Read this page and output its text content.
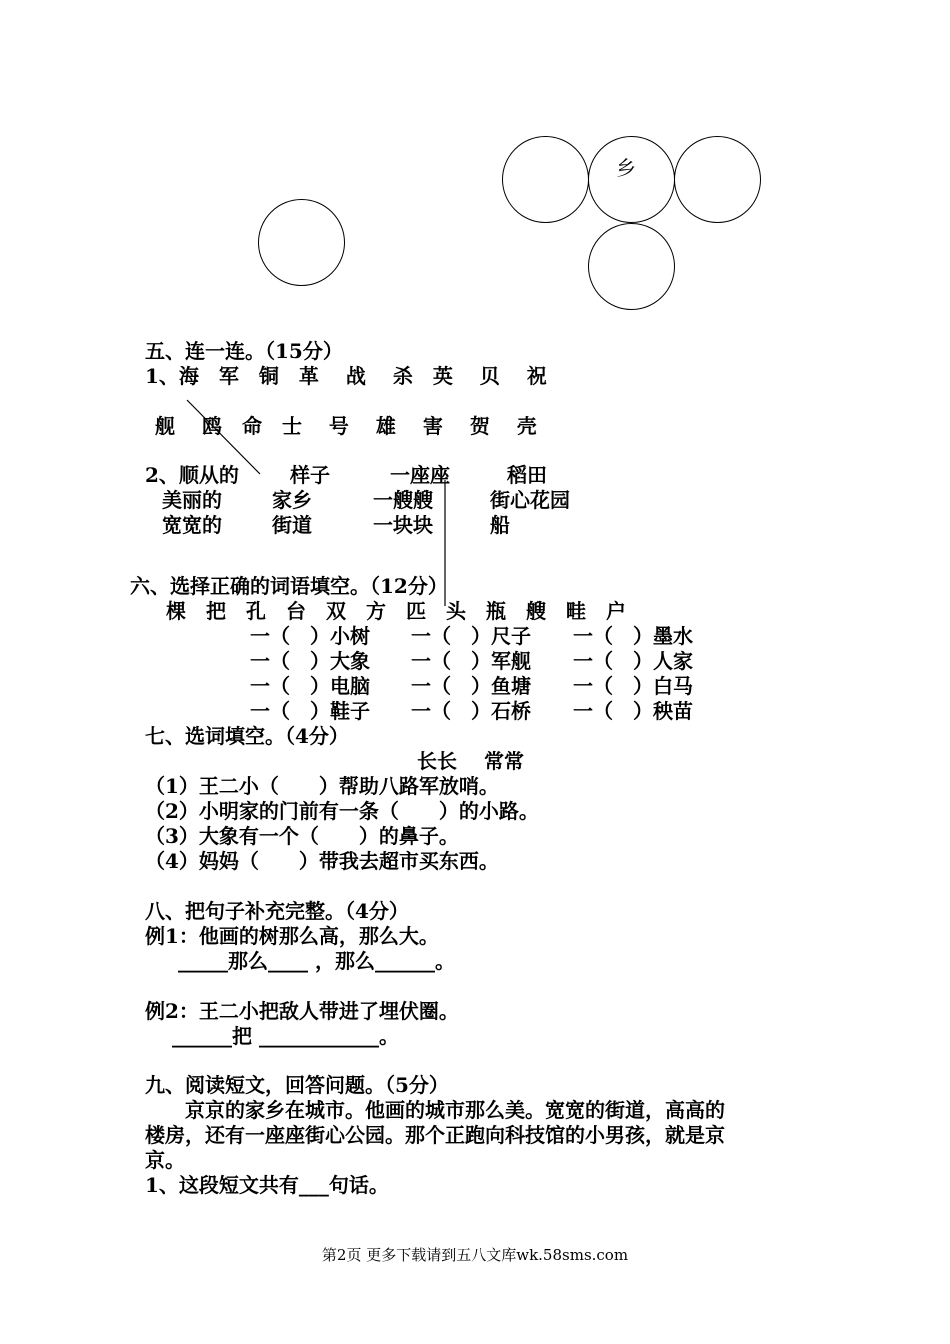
乡
五、连一连。（15分）
1、海　军　铜　革　 战　 杀　英　 贝　 祝
舰　 鸥　命　士　 号　 雄　 害　 贺　 壳
2、顺从的	样子	一座座	稻田
美丽的	家乡	一艘艘	街心花园
宽宽的	街道	一块块	船
六、选择正确的词语填空。（12分）
棵　把　孔　台　双　方　匹　头　瓶　艘　畦　户
一（　）小树 一（　）尺子 一（　）墨水
一（　）大象 一（　）军舰 一（　）人家
一（　）电脑 一（　）鱼塘 一（　）白马
一（　）鞋子 一（　）石桥 一（　）秧苗
七、选词填空。（4分）
长长　 常常
（1）王二小（　　）帮助八路军放哨。
（2）小明家的门前有一条（　　）的小路。
（3）大象有一个（　　）的鼻子。
（4）妈妈（　　）带我去超市买东西。
八、把句子补充完整。（4分）
例1：他画的树那么高，那么大。
_____那么____ ，那么______。
例2：王二小把敌人带进了埋伏圈。
______把 ____________。
九、阅读短文，回答问题。（5分）
　　京京的家乡在城市。他画的城市那么美。宽宽的街道，高高的
楼房，还有一座座街心公园。那个正跑向科技馆的小男孩，就是京
京。
1、这段短文共有___句话。
第2页 更多下载请到五八文库wk.58sms.com
